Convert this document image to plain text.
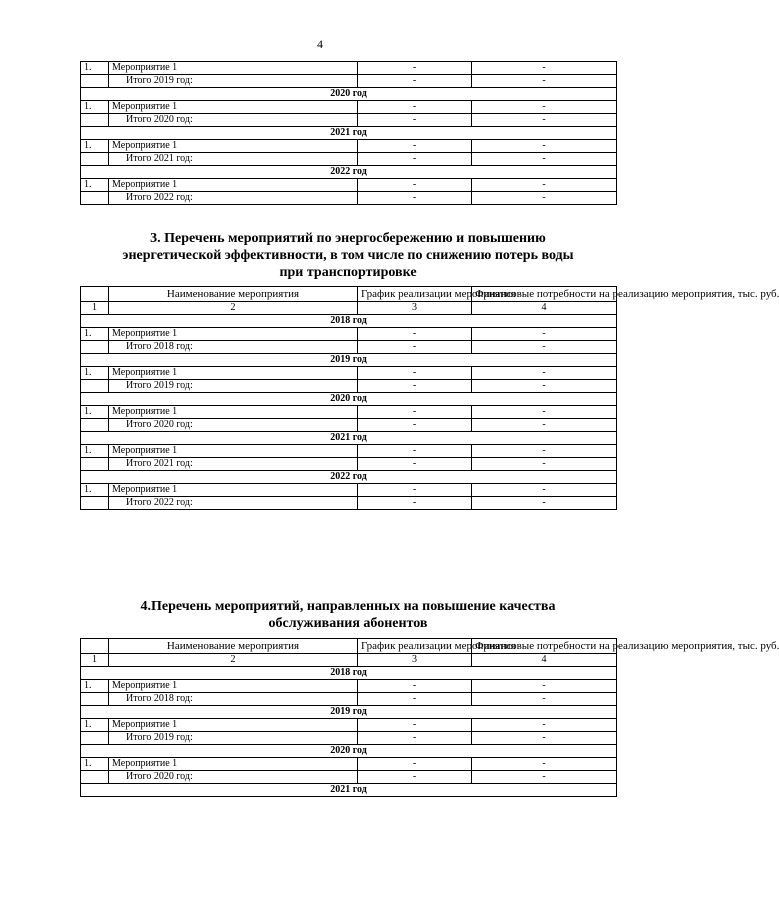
4
1.	Мероприятие 1	-	-
	Итого 2019 год:	-	-
2020 год			
1.	Мероприятие 1	-	-
	Итого 2020 год:	-	-
2021 год			
1.	Мероприятие 1	-	-
	Итого 2021 год:	-	-
2022 год			
1.	Мероприятие 1	-	-
	Итого 2022 год:	-	-
3. Перечень мероприятий по энергосбережению и повышению
энергетической эффективности, в том числе по снижению потерь воды
при транспортировке
	Наименование мероприятия	График реализации мероприятия	Финансовые потребности на реализацию мероприятия, тыс. руб.
1	2	3	4
2018 год			
1.	Мероприятие 1	-	-
	Итого 2018 год:	-	-
2019 год			
1.	Мероприятие 1	-	-
	Итого 2019 год:	-	-
2020 год			
1.	Мероприятие 1	-	-
	Итого 2020 год:	-	-
2021 год			
1.	Мероприятие 1	-	-
	Итого 2021 год:	-	-
2022 год			
1.	Мероприятие 1	-	-
	Итого 2022 год:	-	-
4.Перечень мероприятий, направленных на повышение качества
обслуживания абонентов
	Наименование мероприятия	График реализации мероприятия	Финансовые потребности на реализацию мероприятия, тыс. руб.
1	2	3	4
2018 год			
1.	Мероприятие 1	-	-
	Итого 2018 год:	-	-
2019 год			
1.	Мероприятие 1	-	-
	Итого 2019 год:	-	-
2020 год			
1.	Мероприятие 1	-	-
	Итого 2020 год:	-	-
2021 год			
